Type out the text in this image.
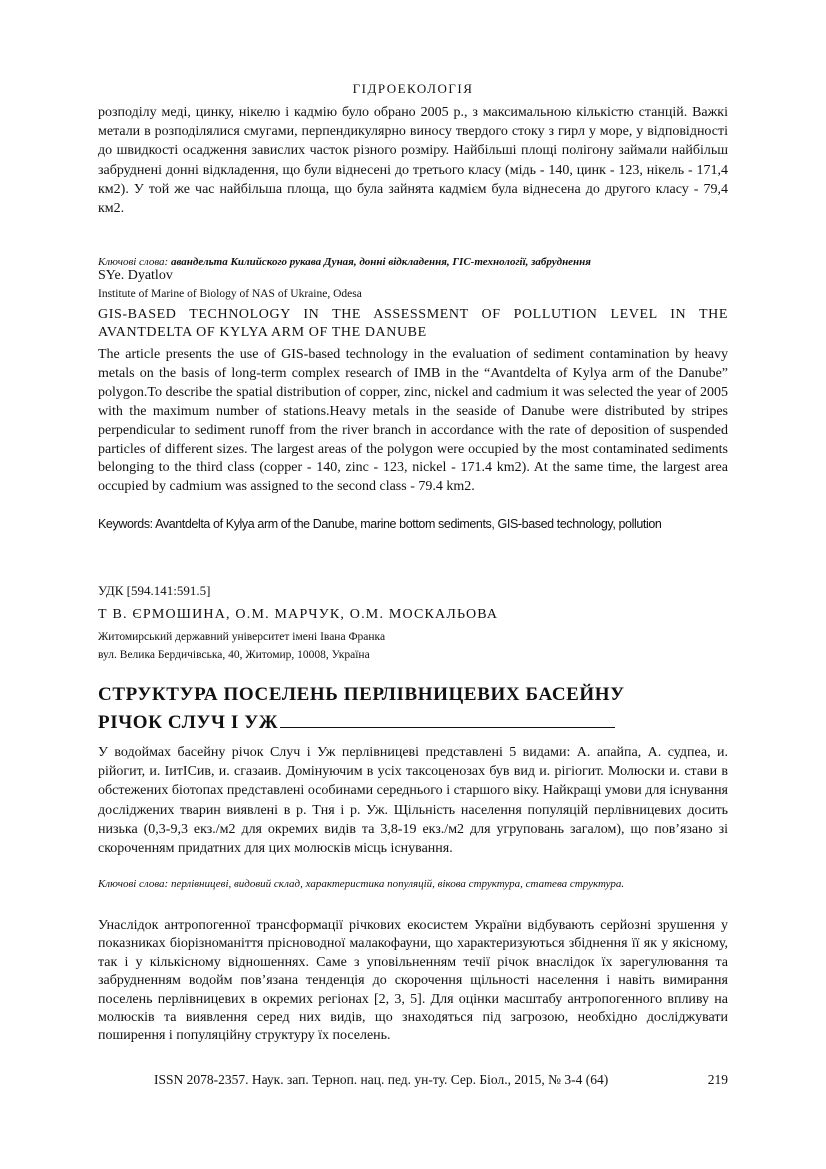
ГІДРОЕКОЛОГІЯ

розподілу меді, цинку, нікелю і кадмію було обрано 2005 р., з максимальною кількістю станцій. Важкі метали в розподілялися смугами, перпендикулярно виносу твердого стоку з гирл у море, у відповідності до швидкості осадження завислих часток різного розміру. Найбільші площі полігону займали найбільш забруднені донні відкладення, що були віднесені до третього класу (мідь - 140, цинк - 123, нікель - 171,4 км2). У той же час найбільша площа, що була зайнята кадмієм була віднесена до другого класу - 79,4 км2.

Ключові слова: авандельта Килийского рукава Дуная, донні відкладення, ГІС-технології, забруднення

SYe. Dyatlov
Institute of Marine of Biology of NAS of Ukraine, Odesa

GIS-BASED TECHNOLOGY IN THE ASSESSMENT OF POLLUTION LEVEL IN THE AVANTDELTA OF KYLYA ARM OF THE DANUBE

The article presents the use of GIS-based technology in the evaluation of sediment contamination by heavy metals on the basis of long-term complex research of IMB in the “Avantdelta of Kylya arm of the Danube” polygon.To describe the spatial distribution of copper, zinc, nickel and cadmium it was selected the year of 2005 with the maximum number of stations.Heavy metals in the seaside of Danube were distributed by stripes perpendicular to sediment runoff from the river branch in accordance with the rate of deposition of suspended particles of different sizes. The largest areas of the polygon were occupied by the most contaminated sediments belonging to the third class (copper - 140, zinc - 123, nickel - 171.4 km2). At the same time, the largest area occupied by cadmium was assigned to the second class - 79.4 km2.

Keywords: Avantdelta of Kylya arm of the Danube, marine bottom sediments, GIS-based technology, pollution
УДК [594.141:591.5]
Т В. ЄРМОШИНА, О.М. МАРЧУК, О.М. МОСКАЛЬОВА
Житомирський державний університет імені Івана Франка
вул. Велика Бердичівська, 40, Житомир, 10008, Україна
СТРУКТУРА ПОСЕЛЕНЬ ПЕРЛІВНИЦЕВИХ БАСЕЙНУ
РІЧОК СЛУЧ І УЖ

У водоймах басейну річок Случ і Уж перлівницеві представлені 5 видами: A. апайпа, A. судпеа, и. рійогит, и. ІитІСив, и. сгазаив. Домінуючим в усіх таксоценозах був вид и. рігіогит. Молюски и. стави в обстежених біотопах представлені особинами середнього і старшого віку. Найкращі умови для існування досліджених тварин виявлені в р. Тня і р. Уж. Щільність населення популяцій перлівницевих досить низька (0,3-9,3 екз./м2 для окремих видів та 3,8-19 екз./м2 для угруповань загалом), що пов’язано зі скороченням придатних для цих молюсків місць існування.

Ключові слова: перлівницеві, видовий склад, характеристика популяцій, вікова структура, статева структура.

Унаслідок антропогенної трансформації річкових екосистем України відбувають серйозні зрушення у показниках біорізноманіття прісноводної малакофауни, що характеризуються збіднення її як у якісному, так і у кількісному відношеннях. Саме з уповільненням течії річок внаслідок їх зарегулювання та забрудненням водойм пов’язана тенденція до скорочення щільності населення і навіть вимирання поселень перлівницевих в окремих регіонах [2, 3, 5]. Для оцінки масштабу антропогенного впливу на молюсків та виявлення серед них видів, що знаходяться під загрозою, необхідно досліджувати поширення і популяційну структуру їх поселень.

ISSN 2078-2357. Наук. зап. Терноп. нац. пед. ун-ту. Сер. Біол., 2015, № 3-4 (64)	219
